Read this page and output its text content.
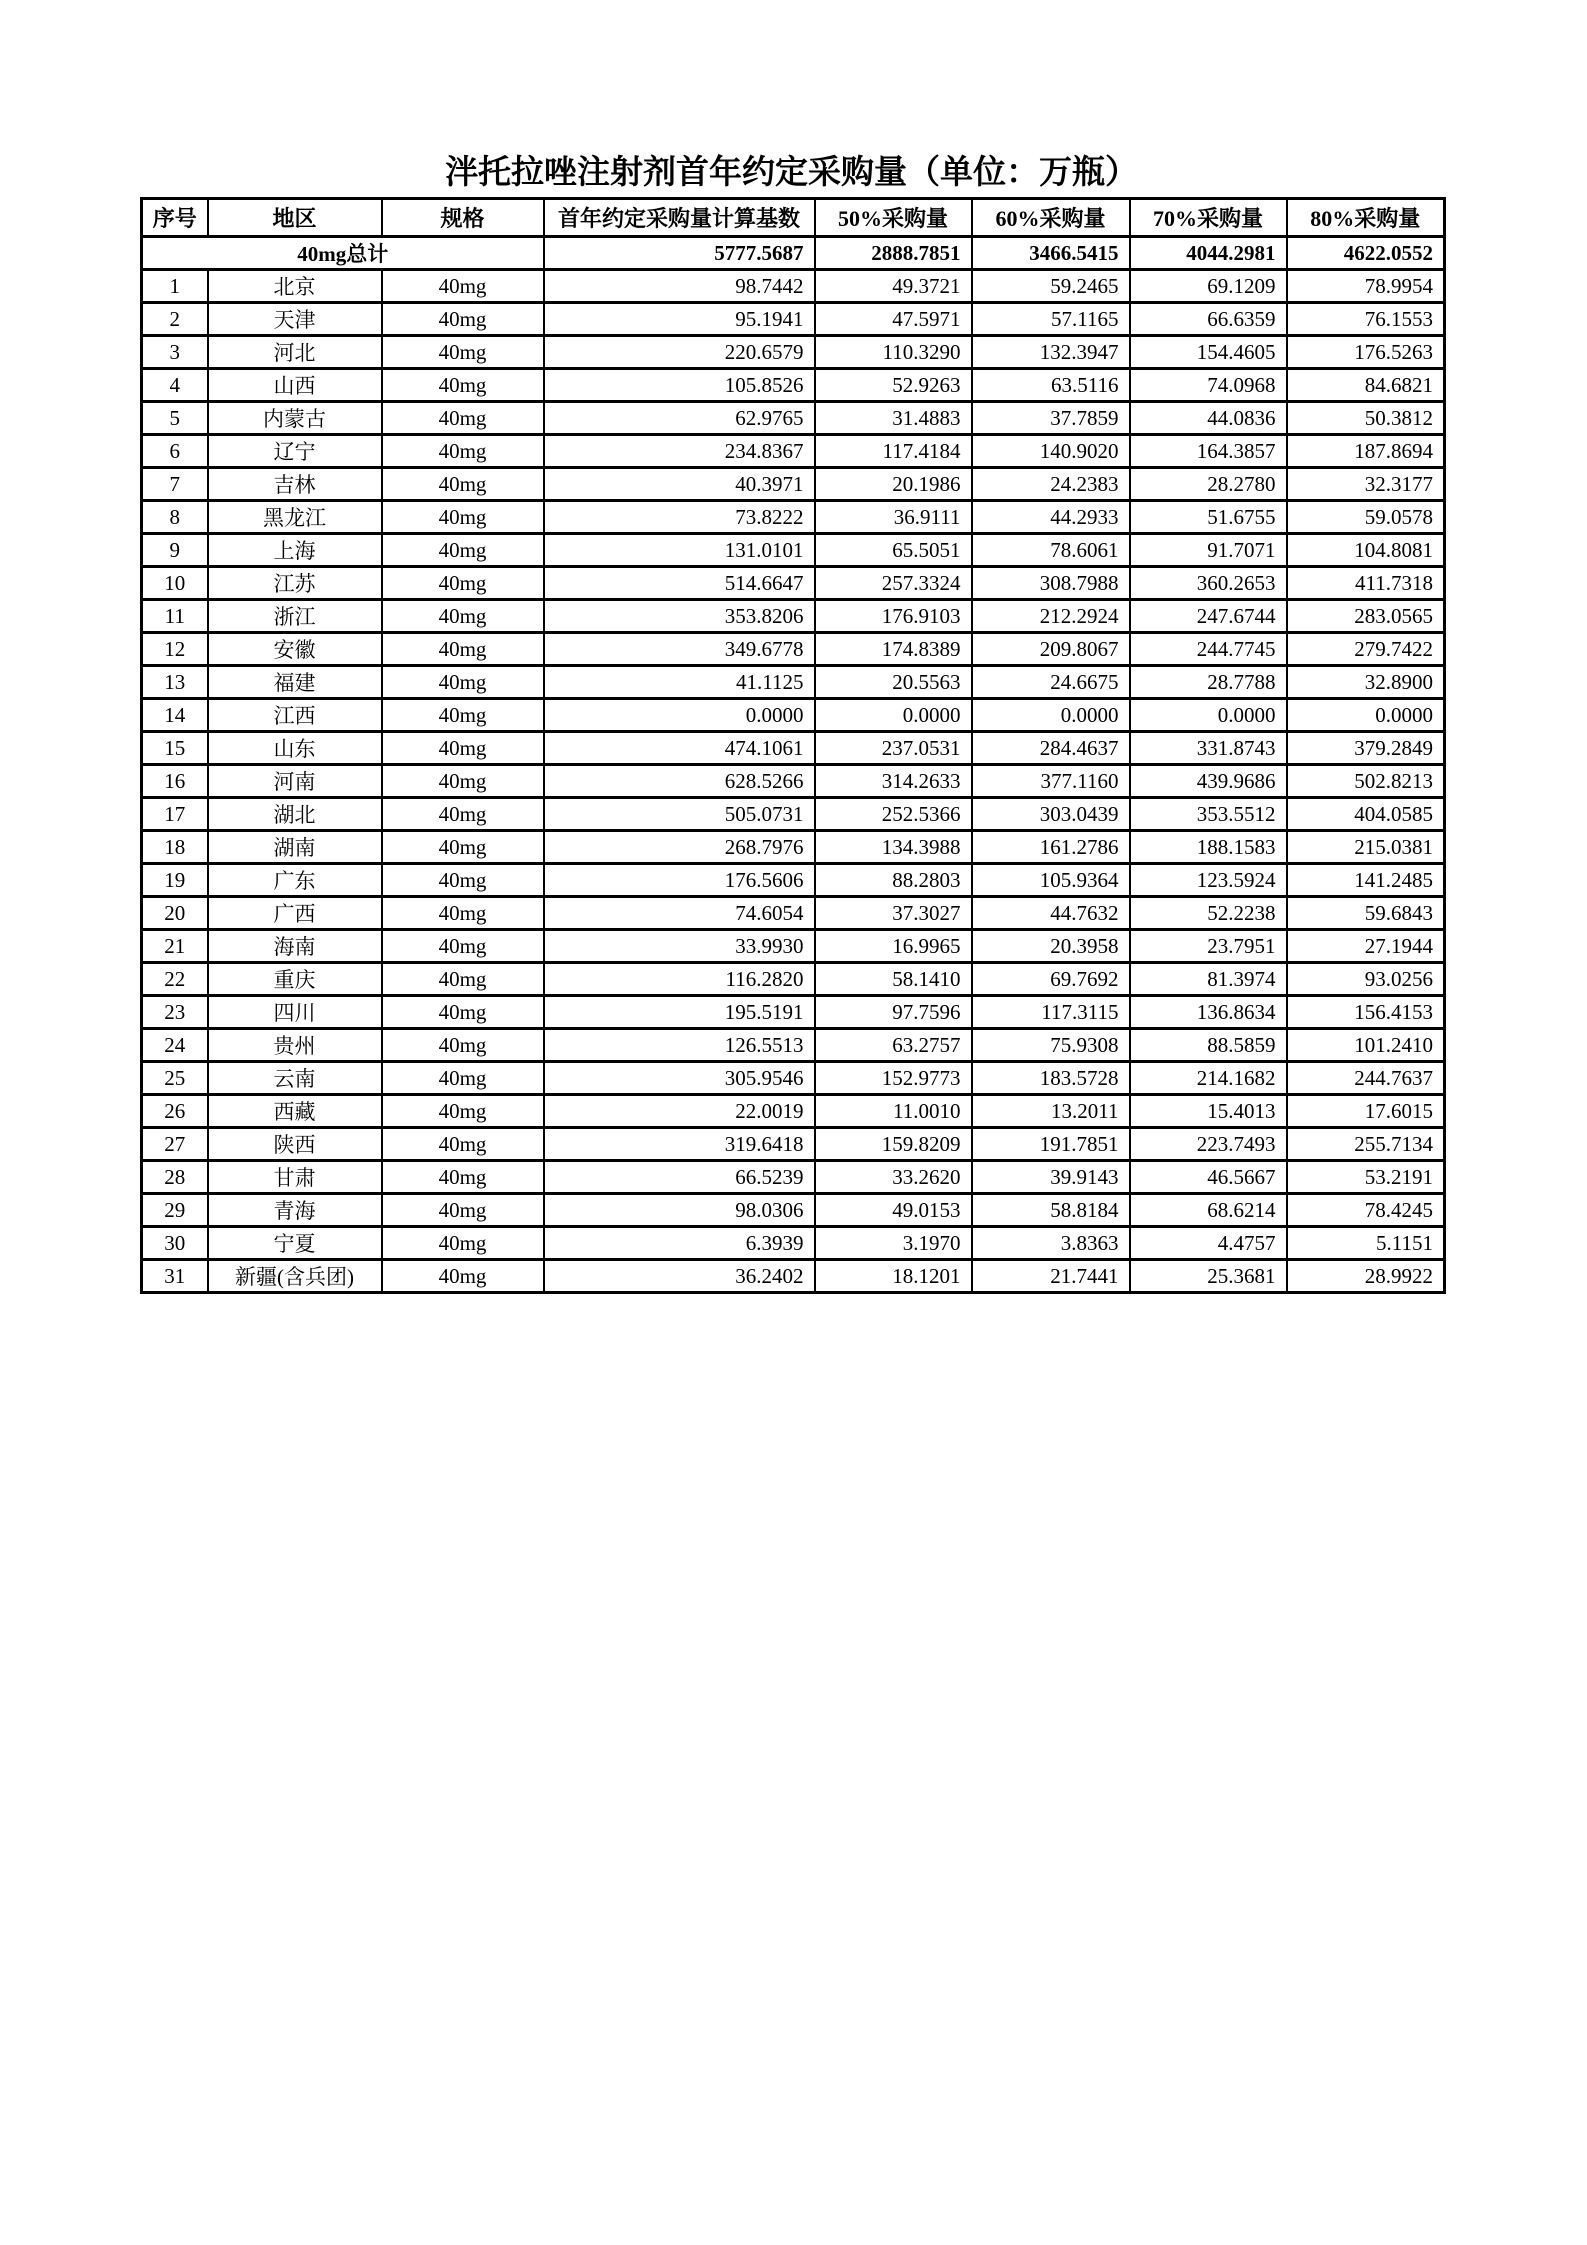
泮托拉唑注射剂首年约定采购量（单位：万瓶）
序号	地区	规格	首年约定采购量计算基数	50%采购量	60%采购量	70%采购量	80%采购量
40mg总计			5777.5687	2888.7851	3466.5415	4044.2981	4622.0552
1	北京	40mg	98.7442	49.3721	59.2465	69.1209	78.9954
2	天津	40mg	95.1941	47.5971	57.1165	66.6359	76.1553
3	河北	40mg	220.6579	110.3290	132.3947	154.4605	176.5263
4	山西	40mg	105.8526	52.9263	63.5116	74.0968	84.6821
5	内蒙古	40mg	62.9765	31.4883	37.7859	44.0836	50.3812
6	辽宁	40mg	234.8367	117.4184	140.9020	164.3857	187.8694
7	吉林	40mg	40.3971	20.1986	24.2383	28.2780	32.3177
8	黑龙江	40mg	73.8222	36.9111	44.2933	51.6755	59.0578
9	上海	40mg	131.0101	65.5051	78.6061	91.7071	104.8081
10	江苏	40mg	514.6647	257.3324	308.7988	360.2653	411.7318
11	浙江	40mg	353.8206	176.9103	212.2924	247.6744	283.0565
12	安徽	40mg	349.6778	174.8389	209.8067	244.7745	279.7422
13	福建	40mg	41.1125	20.5563	24.6675	28.7788	32.8900
14	江西	40mg	0.0000	0.0000	0.0000	0.0000	0.0000
15	山东	40mg	474.1061	237.0531	284.4637	331.8743	379.2849
16	河南	40mg	628.5266	314.2633	377.1160	439.9686	502.8213
17	湖北	40mg	505.0731	252.5366	303.0439	353.5512	404.0585
18	湖南	40mg	268.7976	134.3988	161.2786	188.1583	215.0381
19	广东	40mg	176.5606	88.2803	105.9364	123.5924	141.2485
20	广西	40mg	74.6054	37.3027	44.7632	52.2238	59.6843
21	海南	40mg	33.9930	16.9965	20.3958	23.7951	27.1944
22	重庆	40mg	116.2820	58.1410	69.7692	81.3974	93.0256
23	四川	40mg	195.5191	97.7596	117.3115	136.8634	156.4153
24	贵州	40mg	126.5513	63.2757	75.9308	88.5859	101.2410
25	云南	40mg	305.9546	152.9773	183.5728	214.1682	244.7637
26	西藏	40mg	22.0019	11.0010	13.2011	15.4013	17.6015
27	陕西	40mg	319.6418	159.8209	191.7851	223.7493	255.7134
28	甘肃	40mg	66.5239	33.2620	39.9143	46.5667	53.2191
29	青海	40mg	98.0306	49.0153	58.8184	68.6214	78.4245
30	宁夏	40mg	6.3939	3.1970	3.8363	4.4757	5.1151
31	新疆(含兵团)	40mg	36.2402	18.1201	21.7441	25.3681	28.9922
